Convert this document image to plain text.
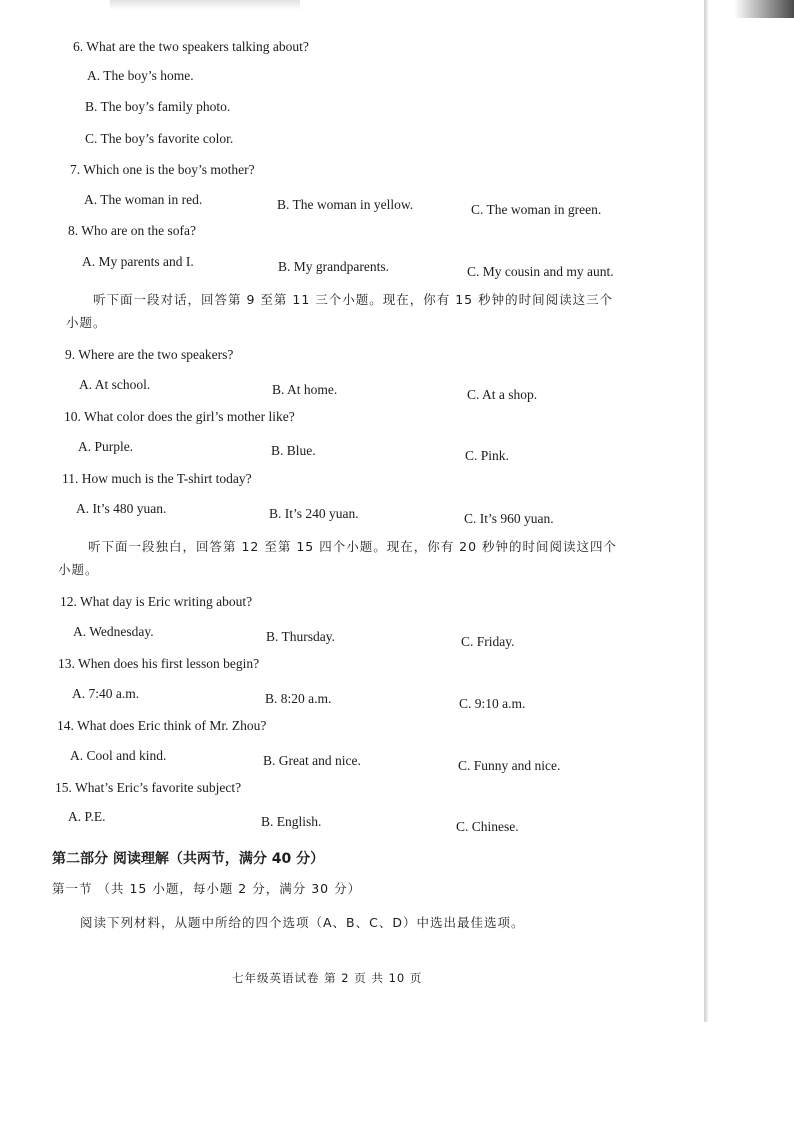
6. What are the two speakers talking about?
A. The boy’s home.
B. The boy’s family photo.
C. The boy’s favorite color.
7. Which one is the boy’s mother?
A. The woman in red.	B. The woman in yellow.	C. The woman in green.
8. Who are on the sofa?
A. My parents and I.	B. My grandparents.	C. My cousin and my aunt.
听下面一段对话，回答第 9 至第 11 三个小题。现在，你有 15 秒钟的时间阅读这三个
小题。
9. Where are the two speakers?
A. At school.	B. At home.	C. At a shop.
10. What color does the girl’s mother like?
A. Purple.	B. Blue.	C. Pink.
11. How much is the T-shirt today?
A. It’s 480 yuan.	B. It’s 240 yuan.	C. It’s 960 yuan.
听下面一段独白，回答第 12 至第 15 四个小题。现在，你有 20 秒钟的时间阅读这四个
小题。
12. What day is Eric writing about?
A. Wednesday.	B. Thursday.	C. Friday.
13. When does his first lesson begin?
A. 7:40 a.m.	B. 8:20 a.m.	C. 9:10 a.m.
14. What does Eric think of Mr. Zhou?
A. Cool and kind.	B. Great and nice.	C. Funny and nice.
15. What’s Eric’s favorite subject?
A. P.E.	B. English.	C. Chinese.
第二部分 阅读理解（共两节，满分 40 分）
第一节 （共 15 小题，每小题 2 分，满分 30 分）
阅读下列材料，从题中所给的四个选项（A、B、C、D）中选出最佳选项。
七年级英语试卷 第 2 页 共 10 页
